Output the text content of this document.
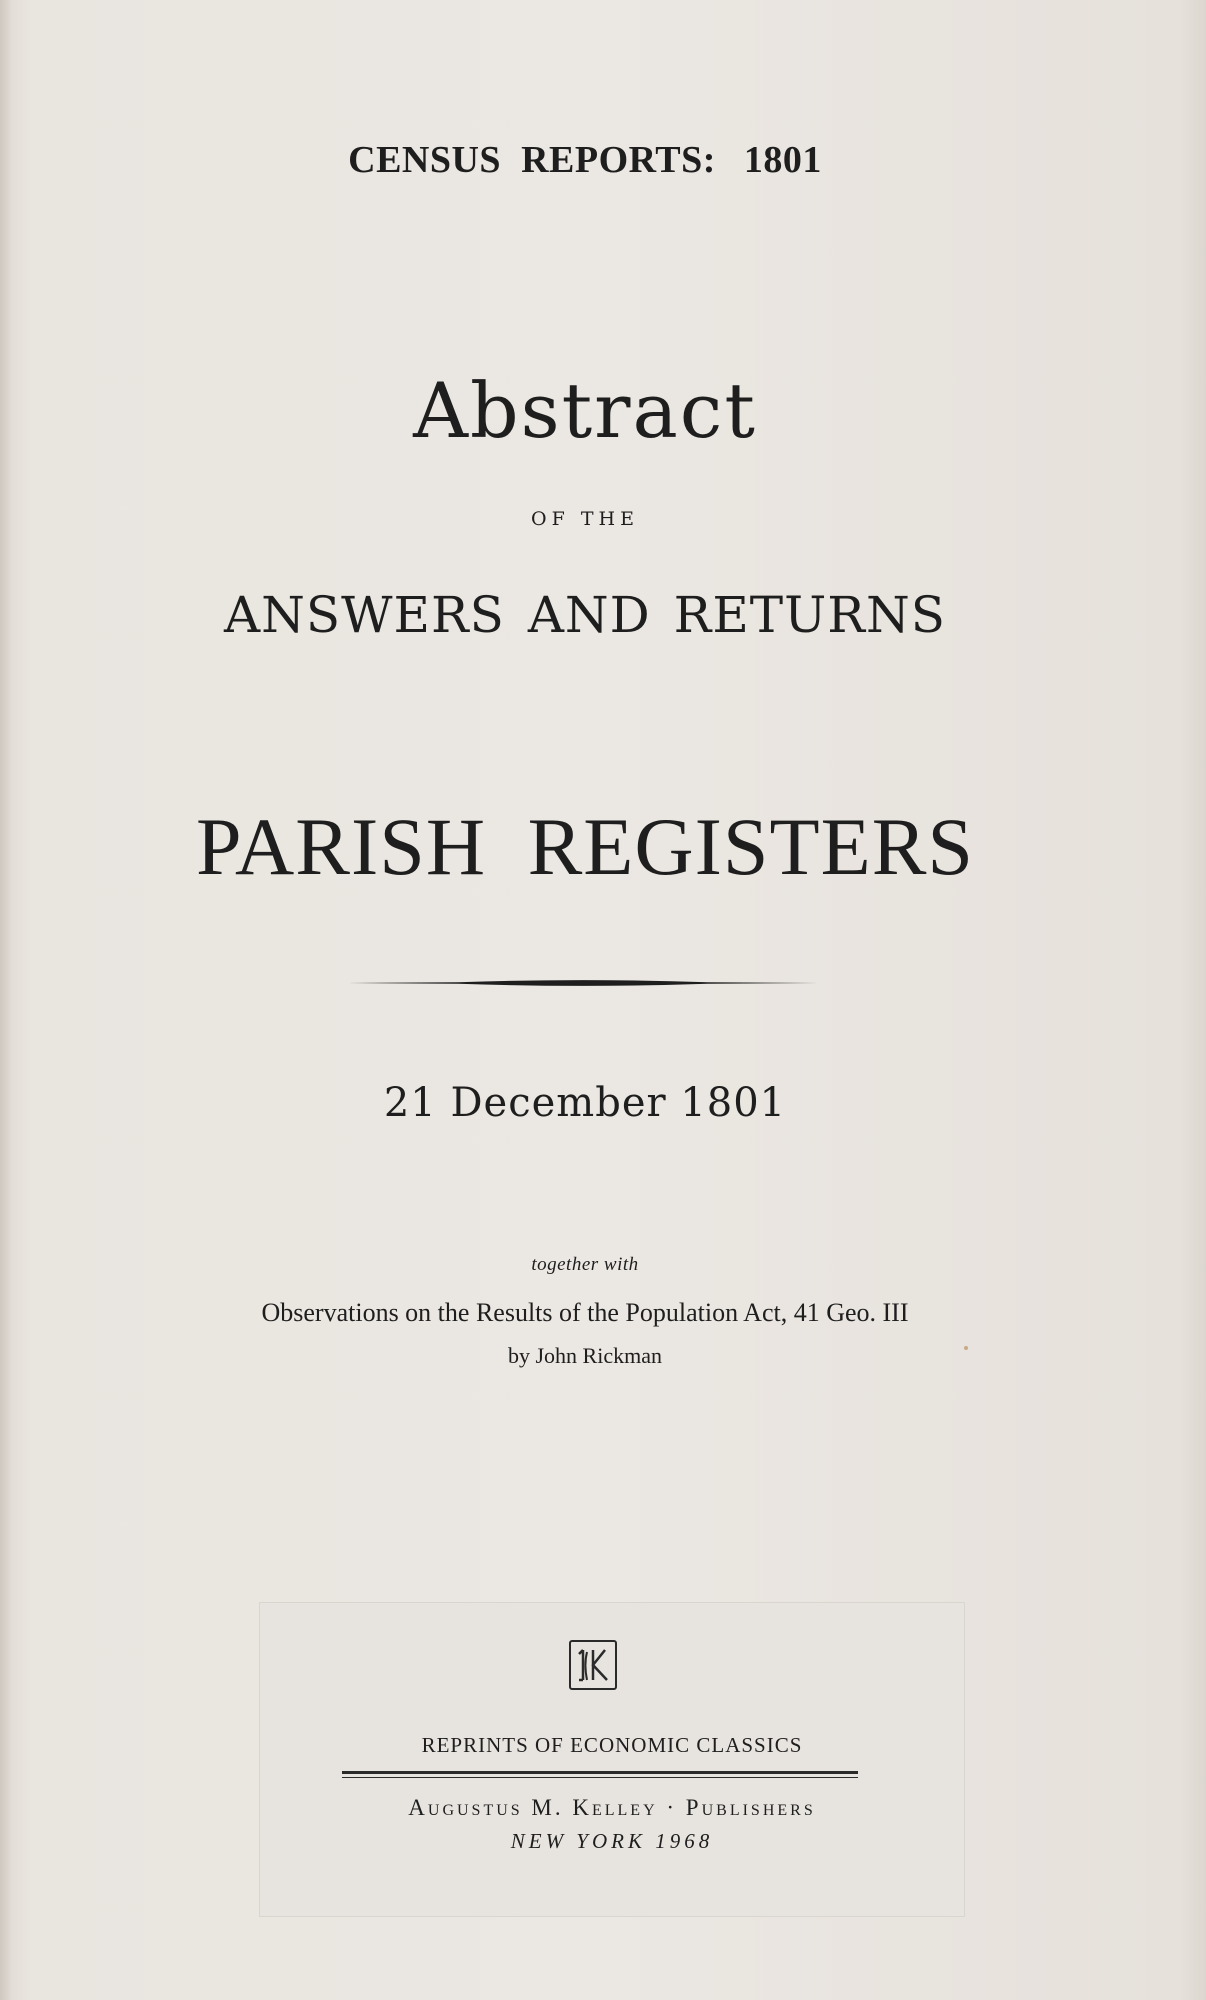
CENSUS REPORTS: 1801
Abstract
OF THE
ANSWERS AND RETURNS
PARISH REGISTERS
21 December 1801
together with
Observations on the Results of the Population Act, 41 Geo. III
by John Rickman
REPRINTS OF ECONOMIC CLASSICS
Augustus M. Kelley · Publishers
NEW YORK 1968
